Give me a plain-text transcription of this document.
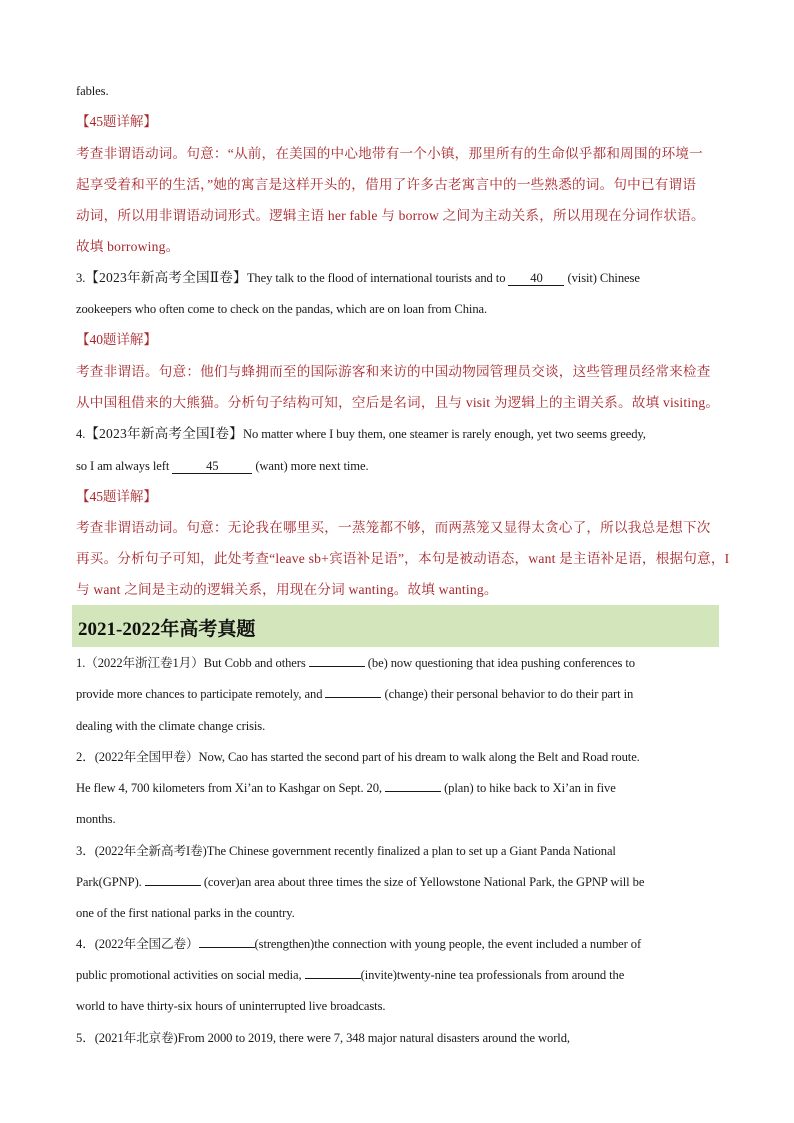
fables.
【45题详解】
考查非谓语动词。句意：“从前，在美国的中心地带有一个小镇，那里所有的生命似乎都和周围的环境一
起享受着和平的生活，”她的寓言是这样开头的，借用了许多古老寓言中的一些熟悉的词。句中已有谓语
动词，所以用非谓语动词形式。逻辑主语 her fable 与 borrow 之间为主动关系，所以用现在分词作状语。
故填 borrowing。
3.【2023年新高考全国Ⅱ卷】They talk to the flood of international tourists and to 40 (visit) Chinese
zookeepers who often come to check on the pandas, which are on loan from China.
【40题详解】
考查非谓语。句意：他们与蜂拥而至的国际游客和来访的中国动物园管理员交谈，这些管理员经常来检查
从中国租借来的大熊猫。分析句子结构可知，空后是名词，且与 visit 为逻辑上的主谓关系。故填 visiting。
4.【2023年新高考全国Ⅰ卷】No matter where I buy them, one steamer is rarely enough, yet two seems greedy,
so I am always left	45	(want) more next time.
【45题详解】
考查非谓语动词。句意：无论我在哪里买，一蒸笼都不够，而两蒸笼又显得太贪心了，所以我总是想下次
再买。分析句子可知，此处考查“leave sb+宾语补足语”，本句是被动语态，want 是主语补足语，根据句意，I
与 want 之间是主动的逻辑关系，用现在分词 wanting。故填 wanting。
2021-2022年高考真题
1.（2022年浙江卷1月）But Cobb and others	(be) now questioning that idea pushing conferences to
provide more chances to participate remotely, and	(change) their personal behavior to do their part in
dealing with the climate change crisis.
2．(2022年全国甲卷）Now, Cao has started the second part of his dream to walk along the Belt and Road route.
He flew 4, 700 kilometers from Xi’an to Kashgar on Sept. 20,	(plan) to hike back to Xi’an in five
months.
3．(2022年全新高考I卷)The Chinese government recently finalized a plan to set up a Giant Panda National
Park(GPNP).	(cover)an area about three times the size of Yellowstone National Park, the GPNP will be
one of the first national parks in the country.
4．(2022年全国乙卷）	(strengthen)the connection with young people, the event included a number of
public promotional activities on social media,	(invite)twenty-nine tea professionals from around the
world to have thirty-six hours of uninterrupted live broadcasts.
5．(2021年北京卷)From 2000 to 2019, there were 7, 348 major natural disasters around the world,
